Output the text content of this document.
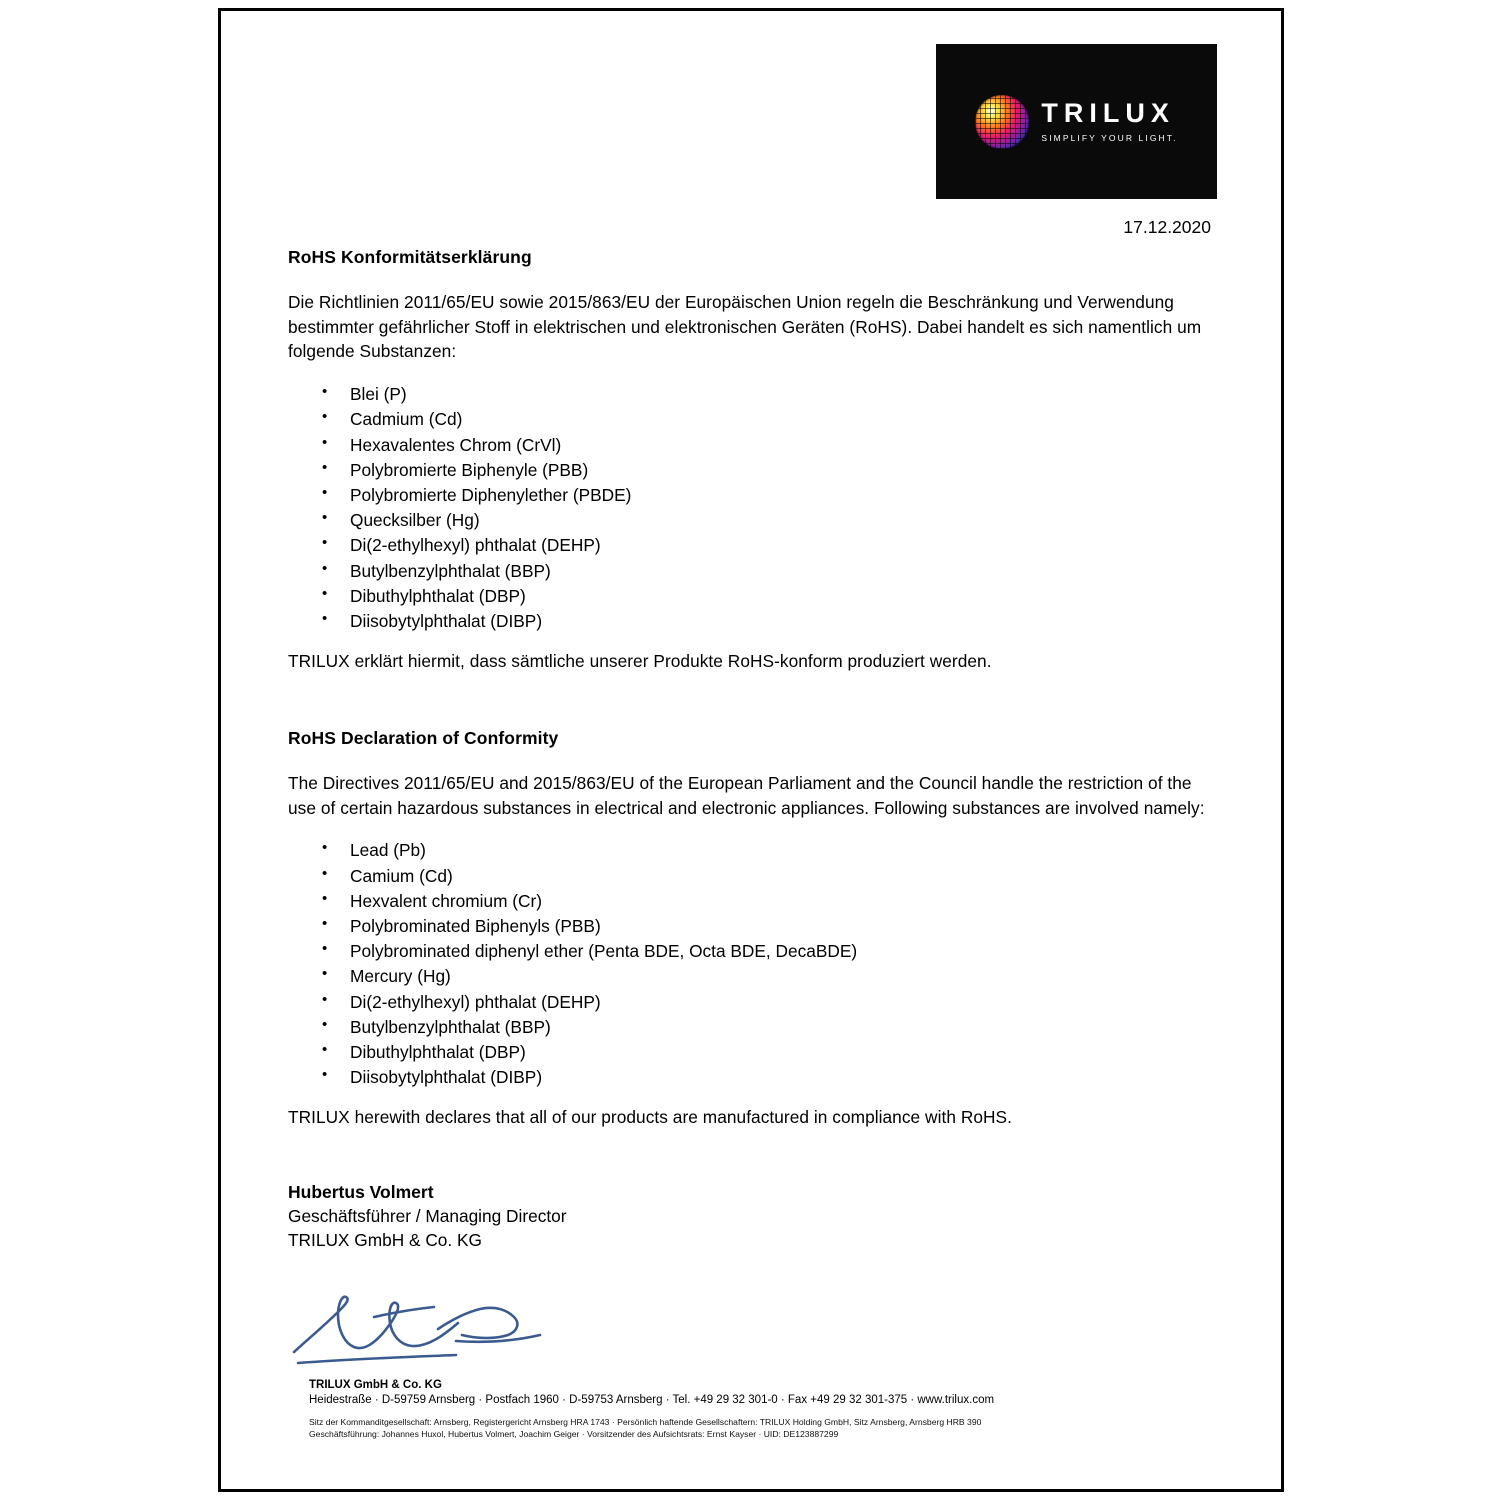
TRILUX
SIMPLIFY YOUR LIGHT.
17.12.2020
RoHS Konformitätserklärung

Die Richtlinien 2011/65/EU sowie 2015/863/EU der Europäischen Union regeln die Beschränkung und Verwendung bestimmter gefährlicher Stoff in elektrischen und elektronischen Geräten (RoHS). Dabei handelt es sich namentlich um folgende Substanzen:

• Blei (P)
• Cadmium (Cd)
• Hexavalentes Chrom (CrVl)
• Polybromierte Biphenyle (PBB)
• Polybromierte Diphenylether (PBDE)
• Quecksilber (Hg)
• Di(2-ethylhexyl) phthalat (DEHP)
• Butylbenzylphthalat (BBP)
• Dibuthylphthalat (DBP)
• Diisobytylphthalat (DIBP)

TRILUX erklärt hiermit, dass sämtliche unserer Produkte RoHS-konform produziert werden.

RoHS Declaration of Conformity

The Directives 2011/65/EU and 2015/863/EU of the European Parliament and the Council handle the restriction of the use of certain hazardous substances in electrical and electronic appliances. Following substances are involved namely:

• Lead (Pb)
• Camium (Cd)
• Hexvalent chromium (Cr)
• Polybrominated Biphenyls (PBB)
• Polybrominated diphenyl ether (Penta BDE, Octa BDE, DecaBDE)
• Mercury (Hg)
• Di(2-ethylhexyl) phthalat (DEHP)
• Butylbenzylphthalat (BBP)
• Dibuthylphthalat (DBP)
• Diisobytylphthalat (DIBP)

TRILUX herewith declares that all of our products are manufactured in compliance with RoHS.

Hubertus Volmert

Geschäftsführer / Managing Director

TRILUX GmbH & Co. KG

TRILUX GmbH & Co. KG

Heidestraße · D-59759 Arnsberg · Postfach 1960 · D-59753 Arnsberg · Tel. +49 29 32 301-0 · Fax +49 29 32 301-375 · www.trilux.com

Sitz der Kommanditgesellschaft: Arnsberg, Registergericht Arnsberg HRA 1743 · Persönlich haftende Gesellschaftern: TRILUX Holding GmbH, Sitz Arnsberg, Arnsberg HRB 390

Geschäftsführung: Johannes Huxol, Hubertus Volmert, Joachim Geiger · Vorsitzender des Aufsichtsrats: Ernst Kayser · UID: DE123887299
